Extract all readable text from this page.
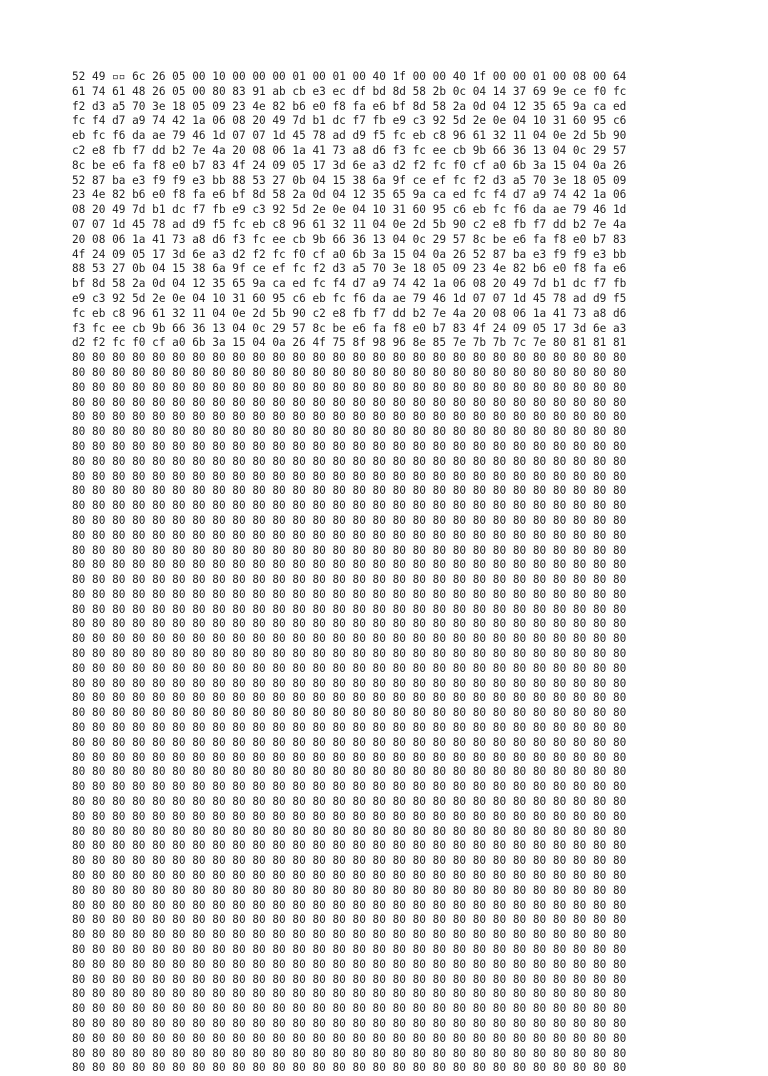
52 49 ▫▫ 6c 26 05 00 10 00 00 00 01 00 01 00 40 1f 00 00 40 1f 00 00 01 00 08 00 64
61 74 61 48 26 05 00 80 83 91 ab cb e3 ec df bd 8d 58 2b 0c 04 14 37 69 9e ce f0 fc
f2 d3 a5 70 3e 18 05 09 23 4e 82 b6 e0 f8 fa e6 bf 8d 58 2a 0d 04 12 35 65 9a ca ed
fc f4 d7 a9 74 42 1a 06 08 20 49 7d b1 dc f7 fb e9 c3 92 5d 2e 0e 04 10 31 60 95 c6
eb fc f6 da ae 79 46 1d 07 07 1d 45 78 ad d9 f5 fc eb c8 96 61 32 11 04 0e 2d 5b 90
c2 e8 fb f7 dd b2 7e 4a 20 08 06 1a 41 73 a8 d6 f3 fc ee cb 9b 66 36 13 04 0c 29 57
8c be e6 fa f8 e0 b7 83 4f 24 09 05 17 3d 6e a3 d2 f2 fc f0 cf a0 6b 3a 15 04 0a 26
52 87 ba e3 f9 f9 e3 bb 88 53 27 0b 04 15 38 6a 9f ce ef fc f2 d3 a5 70 3e 18 05 09
23 4e 82 b6 e0 f8 fa e6 bf 8d 58 2a 0d 04 12 35 65 9a ca ed fc f4 d7 a9 74 42 1a 06
08 20 49 7d b1 dc f7 fb e9 c3 92 5d 2e 0e 04 10 31 60 95 c6 eb fc f6 da ae 79 46 1d
07 07 1d 45 78 ad d9 f5 fc eb c8 96 61 32 11 04 0e 2d 5b 90 c2 e8 fb f7 dd b2 7e 4a
20 08 06 1a 41 73 a8 d6 f3 fc ee cb 9b 66 36 13 04 0c 29 57 8c be e6 fa f8 e0 b7 83
4f 24 09 05 17 3d 6e a3 d2 f2 fc f0 cf a0 6b 3a 15 04 0a 26 52 87 ba e3 f9 f9 e3 bb
88 53 27 0b 04 15 38 6a 9f ce ef fc f2 d3 a5 70 3e 18 05 09 23 4e 82 b6 e0 f8 fa e6
bf 8d 58 2a 0d 04 12 35 65 9a ca ed fc f4 d7 a9 74 42 1a 06 08 20 49 7d b1 dc f7 fb
e9 c3 92 5d 2e 0e 04 10 31 60 95 c6 eb fc f6 da ae 79 46 1d 07 07 1d 45 78 ad d9 f5
fc eb c8 96 61 32 11 04 0e 2d 5b 90 c2 e8 fb f7 dd b2 7e 4a 20 08 06 1a 41 73 a8 d6
f3 fc ee cb 9b 66 36 13 04 0c 29 57 8c be e6 fa f8 e0 b7 83 4f 24 09 05 17 3d 6e a3
d2 f2 fc f0 cf a0 6b 3a 15 04 0a 26 4f 75 8f 98 96 8e 85 7e 7b 7b 7c 7e 80 81 81 81
80 80 80 80 80 80 80 80 80 80 80 80 80 80 80 80 80 80 80 80 80 80 80 80 80 80 80 80
80 80 80 80 80 80 80 80 80 80 80 80 80 80 80 80 80 80 80 80 80 80 80 80 80 80 80 80
80 80 80 80 80 80 80 80 80 80 80 80 80 80 80 80 80 80 80 80 80 80 80 80 80 80 80 80
80 80 80 80 80 80 80 80 80 80 80 80 80 80 80 80 80 80 80 80 80 80 80 80 80 80 80 80
80 80 80 80 80 80 80 80 80 80 80 80 80 80 80 80 80 80 80 80 80 80 80 80 80 80 80 80
80 80 80 80 80 80 80 80 80 80 80 80 80 80 80 80 80 80 80 80 80 80 80 80 80 80 80 80
80 80 80 80 80 80 80 80 80 80 80 80 80 80 80 80 80 80 80 80 80 80 80 80 80 80 80 80
80 80 80 80 80 80 80 80 80 80 80 80 80 80 80 80 80 80 80 80 80 80 80 80 80 80 80 80
80 80 80 80 80 80 80 80 80 80 80 80 80 80 80 80 80 80 80 80 80 80 80 80 80 80 80 80
80 80 80 80 80 80 80 80 80 80 80 80 80 80 80 80 80 80 80 80 80 80 80 80 80 80 80 80
80 80 80 80 80 80 80 80 80 80 80 80 80 80 80 80 80 80 80 80 80 80 80 80 80 80 80 80
80 80 80 80 80 80 80 80 80 80 80 80 80 80 80 80 80 80 80 80 80 80 80 80 80 80 80 80
80 80 80 80 80 80 80 80 80 80 80 80 80 80 80 80 80 80 80 80 80 80 80 80 80 80 80 80
80 80 80 80 80 80 80 80 80 80 80 80 80 80 80 80 80 80 80 80 80 80 80 80 80 80 80 80
80 80 80 80 80 80 80 80 80 80 80 80 80 80 80 80 80 80 80 80 80 80 80 80 80 80 80 80
80 80 80 80 80 80 80 80 80 80 80 80 80 80 80 80 80 80 80 80 80 80 80 80 80 80 80 80
80 80 80 80 80 80 80 80 80 80 80 80 80 80 80 80 80 80 80 80 80 80 80 80 80 80 80 80
80 80 80 80 80 80 80 80 80 80 80 80 80 80 80 80 80 80 80 80 80 80 80 80 80 80 80 80
80 80 80 80 80 80 80 80 80 80 80 80 80 80 80 80 80 80 80 80 80 80 80 80 80 80 80 80
80 80 80 80 80 80 80 80 80 80 80 80 80 80 80 80 80 80 80 80 80 80 80 80 80 80 80 80
80 80 80 80 80 80 80 80 80 80 80 80 80 80 80 80 80 80 80 80 80 80 80 80 80 80 80 80
80 80 80 80 80 80 80 80 80 80 80 80 80 80 80 80 80 80 80 80 80 80 80 80 80 80 80 80
80 80 80 80 80 80 80 80 80 80 80 80 80 80 80 80 80 80 80 80 80 80 80 80 80 80 80 80
80 80 80 80 80 80 80 80 80 80 80 80 80 80 80 80 80 80 80 80 80 80 80 80 80 80 80 80
80 80 80 80 80 80 80 80 80 80 80 80 80 80 80 80 80 80 80 80 80 80 80 80 80 80 80 80
80 80 80 80 80 80 80 80 80 80 80 80 80 80 80 80 80 80 80 80 80 80 80 80 80 80 80 80
80 80 80 80 80 80 80 80 80 80 80 80 80 80 80 80 80 80 80 80 80 80 80 80 80 80 80 80
80 80 80 80 80 80 80 80 80 80 80 80 80 80 80 80 80 80 80 80 80 80 80 80 80 80 80 80
80 80 80 80 80 80 80 80 80 80 80 80 80 80 80 80 80 80 80 80 80 80 80 80 80 80 80 80
80 80 80 80 80 80 80 80 80 80 80 80 80 80 80 80 80 80 80 80 80 80 80 80 80 80 80 80
80 80 80 80 80 80 80 80 80 80 80 80 80 80 80 80 80 80 80 80 80 80 80 80 80 80 80 80
80 80 80 80 80 80 80 80 80 80 80 80 80 80 80 80 80 80 80 80 80 80 80 80 80 80 80 80
80 80 80 80 80 80 80 80 80 80 80 80 80 80 80 80 80 80 80 80 80 80 80 80 80 80 80 80
80 80 80 80 80 80 80 80 80 80 80 80 80 80 80 80 80 80 80 80 80 80 80 80 80 80 80 80
80 80 80 80 80 80 80 80 80 80 80 80 80 80 80 80 80 80 80 80 80 80 80 80 80 80 80 80
80 80 80 80 80 80 80 80 80 80 80 80 80 80 80 80 80 80 80 80 80 80 80 80 80 80 80 80
80 80 80 80 80 80 80 80 80 80 80 80 80 80 80 80 80 80 80 80 80 80 80 80 80 80 80 80
80 80 80 80 80 80 80 80 80 80 80 80 80 80 80 80 80 80 80 80 80 80 80 80 80 80 80 80
80 80 80 80 80 80 80 80 80 80 80 80 80 80 80 80 80 80 80 80 80 80 80 80 80 80 80 80
80 80 80 80 80 80 80 80 80 80 80 80 80 80 80 80 80 80 80 80 80 80 80 80 80 80 80 80
80 80 80 80 80 80 80 80 80 80 80 80 80 80 80 80 80 80 80 80 80 80 80 80 80 80 80 80
80 80 80 80 80 80 80 80 80 80 80 80 80 80 80 80 80 80 80 80 80 80 80 80 80 80 80 80
80 80 80 80 80 80 80 80 80 80 80 80 80 80 80 80 80 80 80 80 80 80 80 80 80 80 80 80
80 80 80 80 80 80 80 80 80 80 80 80 80 80 80 80 80 80 80 80 80 80 80 80 80 80 80 80
80 80 80 80 80 80 80 80 80 80 80 80 80 80 80 80 80 80 80 80 80 80 80 80 80 80 80 80
80 80 80 80 80 80 80 80 80 80 80 80 80 80 80 80 80 80 80 80 80 80 80 80 80 80 80 80
80 80 80 80 80 80 80 80 80 80 80 80 80 80 80 80 80 80 80 80 80 80 80 80 80 80 80 80
80 80 80 80 80 80 80 80 80 80 80 80 80 80 80 80 80 80 80 80 80 80 80 80 80 80 80 80
80 80 80 80 80 80 80 80 80 80 80 80 80 80 80 80 80 80 80 80 80 80 80 80 80 80 80 80
